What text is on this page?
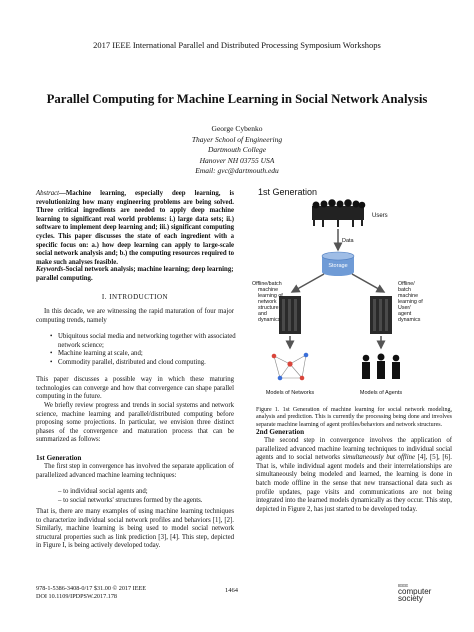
2017 IEEE International Parallel and Distributed Processing Symposium Workshops
Parallel Computing for Machine Learning in Social Network Analysis
George Cybenko
Thayer School of Engineering
Dartmouth College
Hanover NH 03755 USA
Email: gvc@dartmouth.edu
Abstract—Machine learning, especially deep learning, is revolutionizing how many engineering problems are being solved. Three critical ingredients are needed to apply deep machine learning to significant real world problems: i.) large data sets; ii.) software to implement deep learning and; iii.) significant computing cycles. This paper discusses the state of each ingredient with a specific focus on: a.) how deep learning can apply to large-scale social network analysis and; b.) the computing resources required to make such analyses feasible.
Keywords-Social network analysis; machine learning; deep learning; parallel computing.
I. INTRODUCTION
In this decade, we are witnessing the rapid maturation of four major computing trends, namely
• Ubiquitous social media and networking together with associated network science;
• Machine learning at scale, and;
• Commodity parallel, distributed and cloud computing.
This paper discusses a possible way in which these maturing technologies can converge and how that convergence can shape parallel computing in the future.
We briefly review progress and trends in social systems and network science, machine learning and parallel/distributed computing before proposing some projections. In particular, we envision three distinct phases of the convergence and maturation process that can be summarized as follows:
1st Generation
The first step in convergence has involved the separate application of parallelized advanced machine learning techniques:
– to individual social agents and;
– to social networks' structures formed by the agents.
That is, there are many examples of using machine learning techniques to characterize individual social network profiles and behaviors [1], [2]. Similarly, machine learning is being used to model social network structural properties such as link prediction [3], [4]. This step, depicted in Figure I, is being actively developed today.
1st Generation
Users
Data
Storage
Offline/batch machine learning of network structure and dynamics
Offline/ batch machine learning of User/ agent dynamics
Models of Networks	Models of Agents
Figure 1. 1st Generation of machine learning for social network modeling, analysis and prediction. This is currently the processing being done and involves separate machine learning of agent profiles/behaviors and network structures.
2nd Generation
The second step in convergence involves the application of parallelized advanced machine learning techniques to individual social agents and to social networks simultaneously but offline [4], [5], [6]. That is, while individual agent models and their interrelationships are simultaneously being modeled and learned, the learning is done in batch mode offline in the sense that new transactional data such as profile updates, page visits and communications are not being integrated into the learned models dynamically as they occur. This step, depicted in Figure 2, has just started to be developed today.
978-1-5386-3408-0/17 $31.00 © 2017 IEEE
DOI 10.1109/IPDPSW.2017.178
1464
IEEE
computer society
